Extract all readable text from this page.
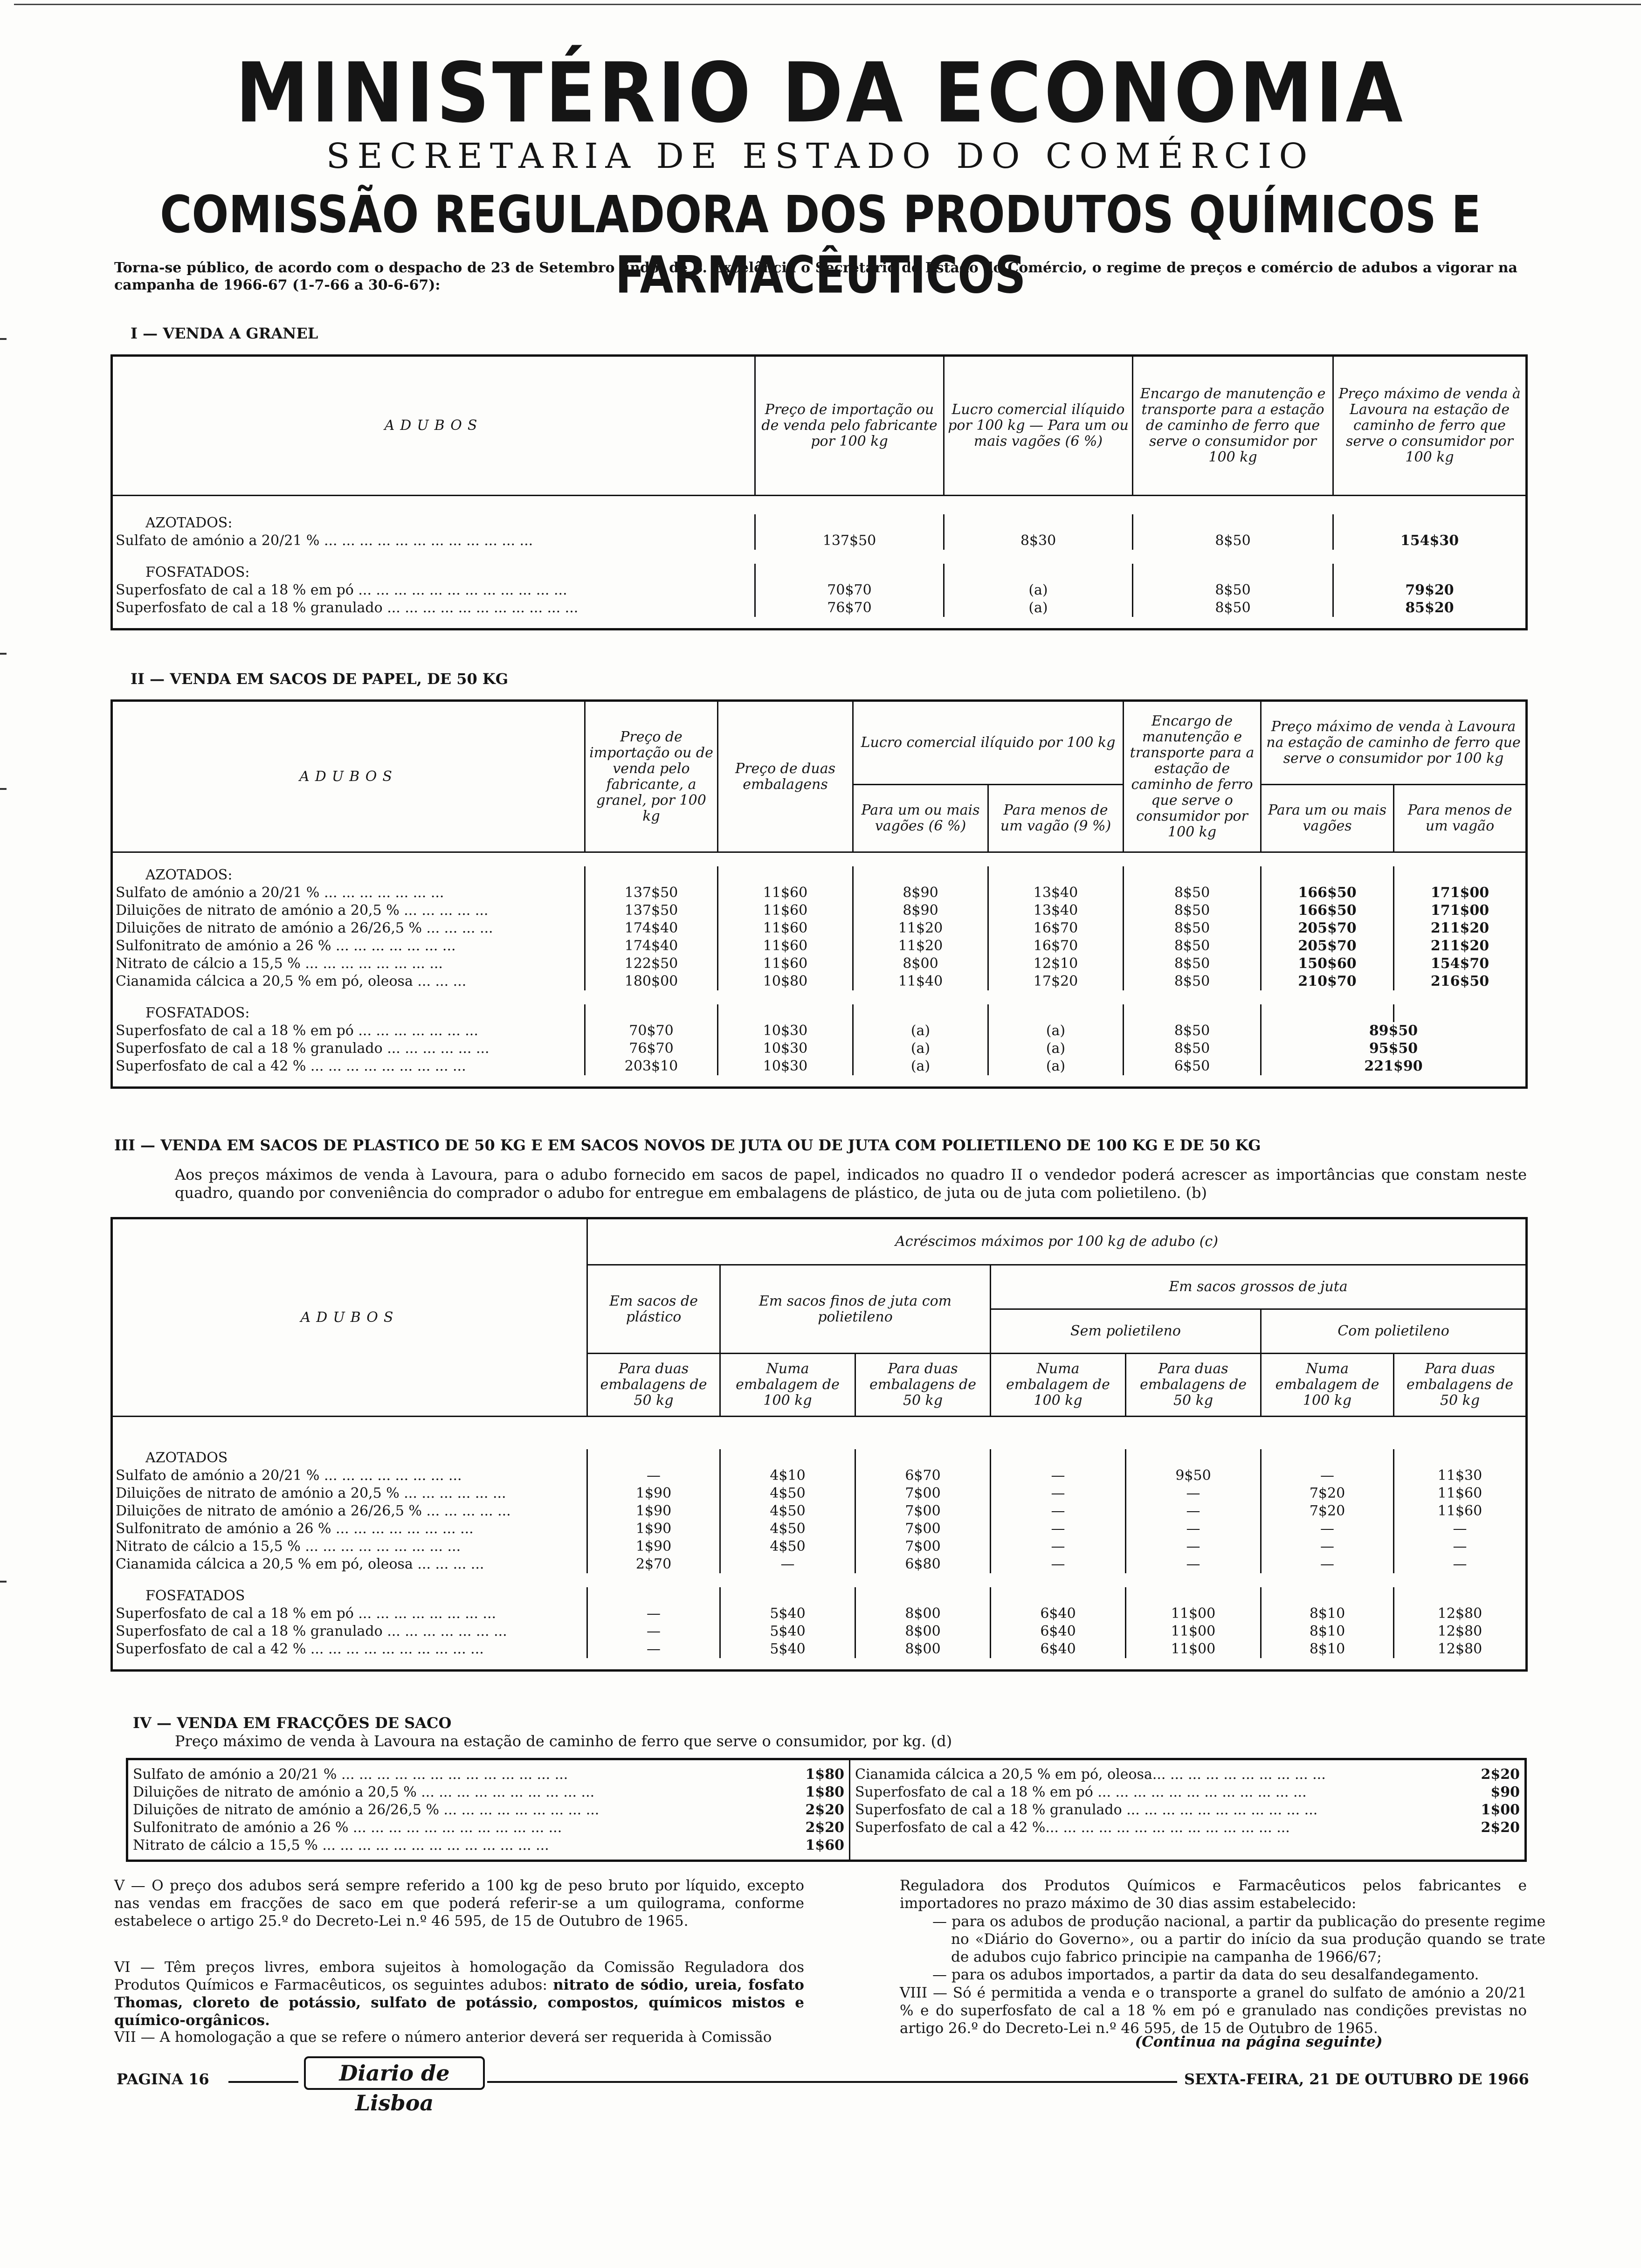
MINISTÉRIO DA ECONOMIA
SECRETARIA DE ESTADO DO COMÉRCIO
COMISSÃO REGULADORA DOS PRODUTOS QUÍMICOS E FARMACÊUTICOS
Torna-se público, de acordo com o despacho de 23 de Setembro findo, de S. Excelência o Secretário de Estado do Comércio, o regime de preços e comércio de adubos a vigorar na campanha de 1966-67 (1-7-66 a 30-6-67):
I — VENDA A GRANEL
ADUBOS	Preço de importação ou de venda pelo fabricante por 100 kg	Lucro comercial ilíquido por 100 kg — Para um ou mais vagões (6 %)	Encargo de manutenção e transporte para a estação de caminho de ferro que serve o consumidor por 100 kg	Preço máximo de venda à Lavoura na estação de caminho de ferro que serve o consumidor por 100 kg

AZOTADOS:				
Sulfato de amónio a 20/21 % ... ... ... ... ... ... ... ... ... ... ... ...	137$50	8$30	8$50	154$30

FOSFATADOS:				
Superfosfato de cal a 18 % em pó ... ... ... ... ... ... ... ... ... ... ... ...	70$70	(a)	8$50	79$20
Superfosfato de cal a 18 % granulado ... ... ... ... ... ... ... ... ... ... ...	76$70	(a)	8$50	85$20

II — VENDA EM SACOS DE PAPEL, DE 50 KG
ADUBOS	Preço de importação ou de venda pelo fabricante, a granel, por 100 kg	Preço de duas embalagens	Lucro comercial ilíquido por 100 kg		Encargo de manutenção e transporte para a estação de caminho de ferro que serve o consumidor por 100 kg	Preço máximo de venda à Lavoura na estação de caminho de ferro que serve o consumidor por 100 kg	
			Para um ou mais vagões (6 %)	Para menos de um vagão (9 %)		Para um ou mais vagões	Para menos de um vagão

AZOTADOS:							
Sulfato de amónio a 20/21 % ... ... ... ... ... ... ...	137$50	11$60	8$90	13$40	8$50	166$50	171$00
Diluições de nitrato de amónio a 20,5 % ... ... ... ... ...	137$50	11$60	8$90	13$40	8$50	166$50	171$00
Diluições de nitrato de amónio a 26/26,5 % ... ... ... ...	174$40	11$60	11$20	16$70	8$50	205$70	211$20
Sulfonitrato de amónio a 26 % ... ... ... ... ... ... ...	174$40	11$60	11$20	16$70	8$50	205$70	211$20
Nitrato de cálcio a 15,5 % ... ... ... ... ... ... ... ...	122$50	11$60	8$00	12$10	8$50	150$60	154$70
Cianamida cálcica a 20,5 % em pó, oleosa ... ... ...	180$00	10$80	11$40	17$20	8$50	210$70	216$50

FOSFATADOS:							
Superfosfato de cal a 18 % em pó ... ... ... ... ... ... ...	70$70	10$30	(a)	(a)	8$50	89$50	
Superfosfato de cal a 18 % granulado ... ... ... ... ... ...	76$70	10$30	(a)	(a)	8$50	95$50	
Superfosfato de cal a 42 % ... ... ... ... ... ... ... ... ...	203$10	10$30	(a)	(a)	6$50	221$90	

III — VENDA EM SACOS DE PLASTICO DE 50 KG E EM SACOS NOVOS DE JUTA OU DE JUTA COM POLIETILENO DE 100 KG E DE 50 KG
Aos preços máximos de venda à Lavoura, para o adubo fornecido em sacos de papel, indicados no quadro II o vendedor poderá acrescer as importâncias que constam neste quadro, quando por conveniência do comprador o adubo for entregue em embalagens de plástico, de juta ou de juta com polietileno. (b)
ADUBOS	Acréscimos máximos por 100 kg de adubo (c)						
	Em sacos de plástico	Em sacos finos de juta com polietileno		Em sacos grossos de juta			
				Sem polietileno		Com polietileno	
	Para duas embalagens de 50 kg	Numa embalagem de 100 kg	Para duas embalagens de 50 kg	Numa embalagem de 100 kg	Para duas embalagens de 50 kg	Numa embalagem de 100 kg	Para duas embalagens de 50 kg

AZOTADOS							
Sulfato de amónio a 20/21 % ... ... ... ... ... ... ... ...	—	4$10	6$70	—	9$50	—	11$30
Diluições de nitrato de amónio a 20,5 % ... ... ... ... ... ...	1$90	4$50	7$00	—	—	7$20	11$60
Diluições de nitrato de amónio a 26/26,5 % ... ... ... ... ...	1$90	4$50	7$00	—	—	7$20	11$60
Sulfonitrato de amónio a 26 % ... ... ... ... ... ... ... ...	1$90	4$50	7$00	—	—	—	—
Nitrato de cálcio a 15,5 % ... ... ... ... ... ... ... ... ...	1$90	4$50	7$00	—	—	—	—
Cianamida cálcica a 20,5 % em pó, oleosa ... ... ... ...	2$70	—	6$80	—	—	—	—

FOSFATADOS							
Superfosfato de cal a 18 % em pó ... ... ... ... ... ... ... ...	—	5$40	8$00	6$40	11$00	8$10	12$80
Superfosfato de cal a 18 % granulado ... ... ... ... ... ... ...	—	5$40	8$00	6$40	11$00	8$10	12$80
Superfosfato de cal a 42 % ... ... ... ... ... ... ... ... ... ...	—	5$40	8$00	6$40	11$00	8$10	12$80

IV — VENDA EM FRACÇÕES DE SACO
Preço máximo de venda à Lavoura na estação de caminho de ferro que serve o consumidor, por kg. (d)

Sulfato de amónio a 20/21 % ... ... ... ... ... ... ... ... ... ... ... ... ...	1$80	Cianamida cálcica a 20,5 % em pó, oleosa... ... ... ... ... ... ... ... ... ...	2$20
Diluições de nitrato de amónio a 20,5 % ... ... ... ... ... ... ... ... ... ...	1$80	Superfosfato de cal a 18 % em pó ... ... ... ... ... ... ... ... ... ... ... ...	$90
Diluições de nitrato de amónio a 26/26,5 % ... ... ... ... ... ... ... ... ...	2$20	Superfosfato de cal a 18 % granulado ... ... ... ... ... ... ... ... ... ... ...	1$00
Sulfonitrato de amónio a 26 % ... ... ... ... ... ... ... ... ... ... ... ...	2$20	Superfosfato de cal a 42 %... ... ... ... ... ... ... ... ... ... ... ... ... ...	2$20
Nitrato de cálcio a 15,5 % ... ... ... ... ... ... ... ... ... ... ... ... ...	1$60		

V — O preço dos adubos será sempre referido a 100 kg de peso bruto por líquido, excepto nas vendas em fracções de saco em que poderá referir-se a um quilograma, conforme estabelece o artigo 25.º do Decreto-Lei n.º 46 595, de 15 de Outubro de 1965.
VI — Têm preços livres, embora sujeitos à homologação da Comissão Reguladora dos Produtos Químicos e Farmacêuticos, os seguintes adubos: nitrato de sódio, ureia, fosfato Thomas, cloreto de potássio, sulfato de potássio, compostos, químicos mistos e químico-orgânicos.
VII — A homologação a que se refere o número anterior deverá ser requerida à Comissão
Reguladora dos Produtos Químicos e Farmacêuticos pelos fabricantes e importadores no prazo máximo de 30 dias assim estabelecido:
— para os adubos de produção nacional, a partir da publicação do presente regime no «Diário do Governo», ou a partir do início da sua produção quando se trate de adubos cujo fabrico principie na campanha de 1966/67;
— para os adubos importados, a partir da data do seu desalfandegamento.
VIII — Só é permitida a venda e o transporte a granel do sulfato de amónio a 20/21 % e do superfosfato de cal a 18 % em pó e granulado nas condições previstas no artigo 26.º do Decreto-Lei n.º 46 595, de 15 de Outubro de 1965.
(Continua na página seguinte)
PAGINA 16	Diario de Lisboa
SEXTA-FEIRA, 21 DE OUTUBRO DE 1966
